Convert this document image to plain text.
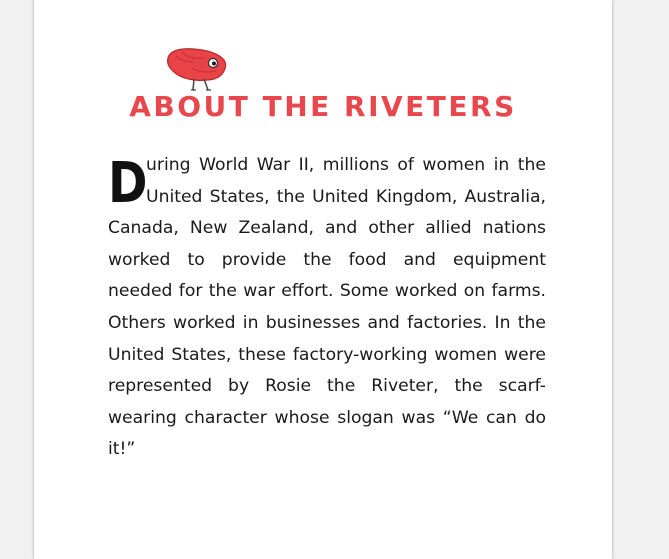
ABOUT THE RIVETERS

D
uring World War II, millions of women in the United States, the United Kingdom, Australia, Canada, New Zealand, and other allied nations worked to provide the food and equipment needed for the war effort. Some worked on farms. Others worked in businesses and factories. In the United States, these factory-working women were represented by Rosie the Riveter, the scarf-wearing character whose slogan was “We can do it!”
